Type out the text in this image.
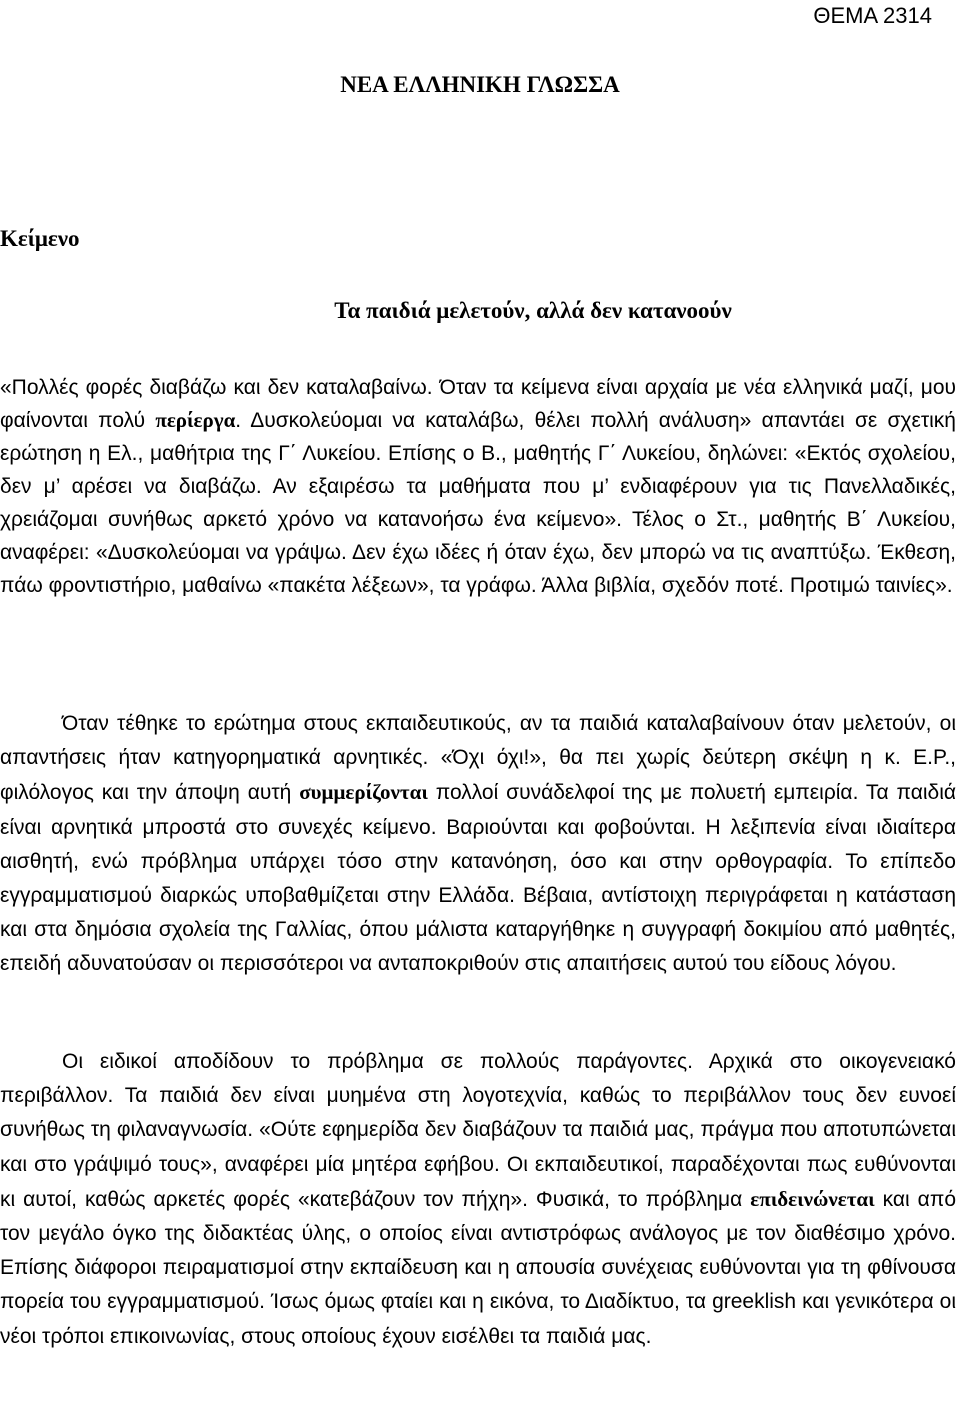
ΘΕΜΑ 2314
ΝΕΑ ΕΛΛΗΝΙΚΗ ΓΛΩΣΣΑ
Κείμενο
Τα παιδιά μελετούν, αλλά δεν κατανοούν

«Πολλές φορές διαβάζω και δεν καταλαβαίνω. Όταν τα κείμενα είναι αρχαία με νέα ελληνικά μαζί, μου φαίνονται πολύ περίεργα. Δυσκολεύομαι να καταλάβω, θέλει πολλή ανάλυση» απαντάει σε σχετική ερώτηση η Ελ., μαθήτρια της Γ΄ Λυκείου. Επίσης ο Β., μαθητής Γ΄ Λυκείου, δηλώνει: «Εκτός σχολείου, δεν μ’ αρέσει να διαβάζω. Αν εξαιρέσω τα μαθήματα που μ’ ενδιαφέρουν για τις Πανελλαδικές, χρειάζομαι συνήθως αρκετό χρόνο να κατανοήσω ένα κείμενο». Τέλος ο Στ., μαθητής Β΄ Λυκείου, αναφέρει: «Δυσκολεύομαι να γράψω. Δεν έχω ιδέες ή όταν έχω, δεν μπορώ να τις αναπτύξω. Έκθεση, πάω φροντιστήριο, μαθαίνω «πακέτα λέξεων», τα γράφω. Άλλα βιβλία, σχεδόν ποτέ. Προτιμώ ταινίες».

Όταν τέθηκε το ερώτημα στους εκπαιδευτικούς, αν τα παιδιά καταλαβαίνουν όταν μελετούν, οι απαντήσεις ήταν κατηγορηματικά αρνητικές. «Όχι όχι!», θα πει χωρίς δεύτερη σκέψη η κ. Ε.Ρ., φιλόλογος και την άποψη αυτή συμμερίζονται πολλοί συνάδελφοί της με πολυετή εμπειρία. Τα παιδιά είναι αρνητικά μπροστά στο συνεχές κείμενο. Βαριούνται και φοβούνται. Η λεξιπενία είναι ιδιαίτερα αισθητή, ενώ πρόβλημα υπάρχει τόσο στην κατανόηση, όσο και στην ορθογραφία. Το επίπεδο εγγραμματισμού διαρκώς υποβαθμίζεται στην Ελλάδα. Βέβαια, αντίστοιχη περιγράφεται η κατάσταση και στα δημόσια σχολεία της Γαλλίας, όπου μάλιστα καταργήθηκε η συγγραφή δοκιμίου από μαθητές, επειδή αδυνατούσαν οι περισσότεροι να ανταποκριθούν στις απαιτήσεις αυτού του είδους λόγου.

Οι ειδικοί αποδίδουν το πρόβλημα σε πολλούς παράγοντες. Αρχικά στο οικογενειακό περιβάλλον. Τα παιδιά δεν είναι μυημένα στη λογοτεχνία, καθώς το περιβάλλον τους δεν ευνοεί συνήθως τη φιλαναγνωσία. «Ούτε εφημερίδα δεν διαβάζουν τα παιδιά μας, πράγμα που αποτυπώνεται και στο γράψιμό τους», αναφέρει μία μητέρα εφήβου. Οι εκπαιδευτικοί, παραδέχονται πως ευθύνονται κι αυτοί, καθώς αρκετές φορές «κατεβάζουν τον πήχη». Φυσικά, το πρόβλημα επιδεινώνεται και από τον μεγάλο όγκο της διδακτέας ύλης, ο οποίος είναι αντιστρόφως ανάλογος με τον διαθέσιμο χρόνο. Επίσης διάφοροι πειραματισμοί στην εκπαίδευση και η απουσία συνέχειας ευθύνονται για τη φθίνουσα πορεία του εγγραμματισμού. Ίσως όμως φταίει και η εικόνα, το Διαδίκτυο, τα greeklish και γενικότερα οι νέοι τρόποι επικοινωνίας, στους οποίους έχουν εισέλθει τα παιδιά μας.
